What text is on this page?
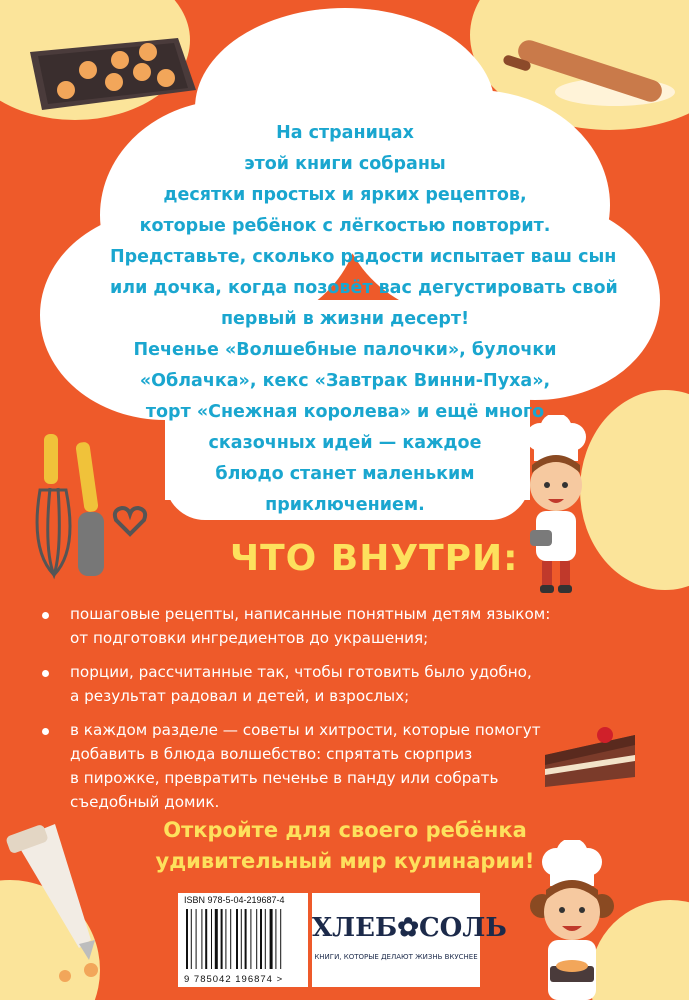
На страницах
этой книги собраны
десятки простых и ярких рецептов,
которые ребёнок с лёгкостью повторит.
Представьте, сколько радости испытает ваш сын
или дочка, когда позовёт вас дегустировать свой
первый в жизни десерт!
Печенье «Волшебные палочки», булочки
«Облачка», кекс «Завтрак Винни-Пуха»,
торт «Снежная королева» и ещё много
сказочных идей — каждое
блюдо станет маленьким
приключением.
ЧТО ВНУТРИ:
пошаговые рецепты, написанные понятным детям языком:
от подготовки ингредиентов до украшения;
порции, рассчитанные так, чтобы готовить было удобно,
а результат радовал и детей, и взрослых;
в каждом разделе — советы и хитрости, которые помогут
добавить в блюда волшебство: спрятать сюрприз
в пирожке, превратить печенье в панду или собрать
съедобный домик.
Откройте для своего ребёнка
удивительный мир кулинарии!
ISBN 978-5-04-219687-4
9 785042 196874 >
ХЛЕБ✿СОЛЬ
КНИГИ, КОТОРЫЕ ДЕЛАЮТ ЖИЗНЬ ВКУСНЕЕ
